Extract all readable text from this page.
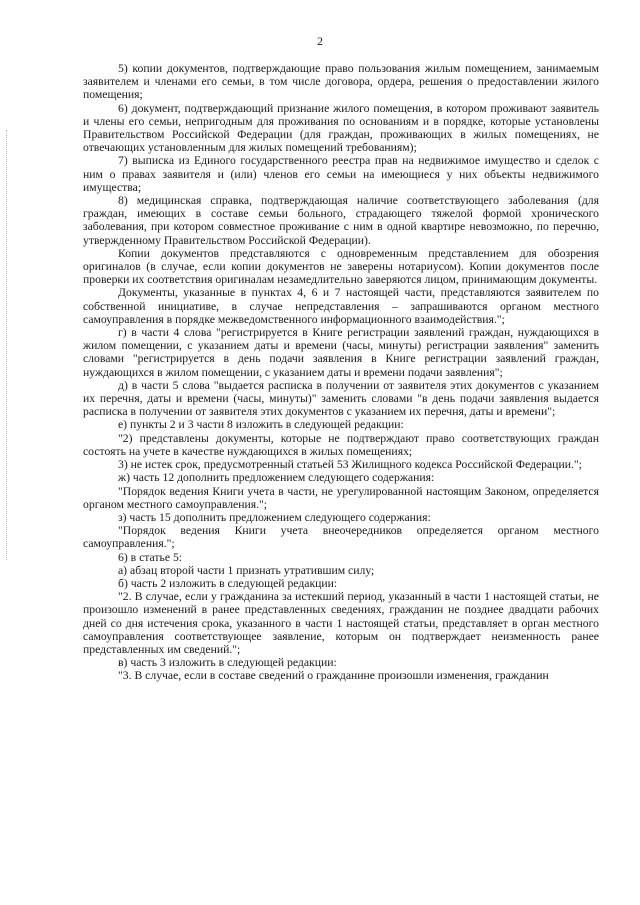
2

5) копии документов, подтверждающие право пользования жилым помещением, занимаемым заявителем и членами его семьи, в том числе договора, ордера, решения о предоставлении жилого помещения;

6) документ, подтверждающий признание жилого помещения, в котором проживают заявитель и члены его семьи, непригодным для проживания по основаниям и в порядке, которые установлены Правительством Российской Федерации (для граждан, проживающих в жилых помещениях, не отвечающих установленным для жилых помещений требованиям);

7) выписка из Единого государственного реестра прав на недвижимое имущество и сделок с ним о правах заявителя и (или) членов его семьи на имеющиеся у них объекты недвижимого имущества;

8) медицинская справка, подтверждающая наличие соответствующего заболевания (для граждан, имеющих в составе семьи больного, страдающего тяжелой формой хронического заболевания, при котором совместное проживание с ним в одной квартире невозможно, по перечню, утвержденному Правительством Российской Федерации).

Копии документов представляются с одновременным представлением для обозрения оригиналов (в случае, если копии документов не заверены нотариусом). Копии документов после проверки их соответствия оригиналам незамедлительно заверяются лицом, принимающим документы.

Документы, указанные в пунктах 4, 6 и 7 настоящей части, представляются заявителем по собственной инициативе, в случае непредставления – запрашиваются органом местного самоуправления в порядке межведомственного информационного взаимодействия.";

г) в части 4 слова "регистрируется в Книге регистрации заявлений граждан, нуждающихся в жилом помещении, с указанием даты и времени (часы, минуты) регистрации заявления" заменить словами "регистрируется в день подачи заявления в Книге регистрации заявлений граждан, нуждающихся в жилом помещении, с указанием даты и времени подачи заявления";

д) в части 5 слова "выдается расписка в получении от заявителя этих документов с указанием их перечня, даты и времени (часы, минуты)" заменить словами "в день подачи заявления выдается расписка в получении от заявителя этих документов с указанием их перечня, даты и времени";

е) пункты 2 и 3 части 8 изложить в следующей редакции:

"2) представлены документы, которые не подтверждают право соответствующих граждан состоять на учете в качестве нуждающихся в жилых помещениях;

3) не истек срок, предусмотренный статьей 53 Жилищного кодекса Российской Федерации.";

ж) часть 12 дополнить предложением следующего содержания:

"Порядок ведения Книги учета в части, не урегулированной настоящим Законом, определяется органом местного самоуправления.";

з) часть 15 дополнить предложением следующего содержания:

"Порядок ведения Книги учета внеочередников определяется органом местного самоуправления.";

6) в статье 5:

а) абзац второй части 1 признать утратившим силу;

б) часть 2 изложить в следующей редакции:

"2. В случае, если у гражданина за истекший период, указанный в части 1 настоящей статьи, не произошло изменений в ранее представленных сведениях, гражданин не позднее двадцати рабочих дней со дня истечения срока, указанного в части 1 настоящей статьи, представляет в орган местного самоуправления соответствующее заявление, которым он подтверждает неизменность ранее представленных им сведений.";

в) часть 3 изложить в следующей редакции:

"3. В случае, если в составе сведений о гражданине произошли изменения, гражданин
